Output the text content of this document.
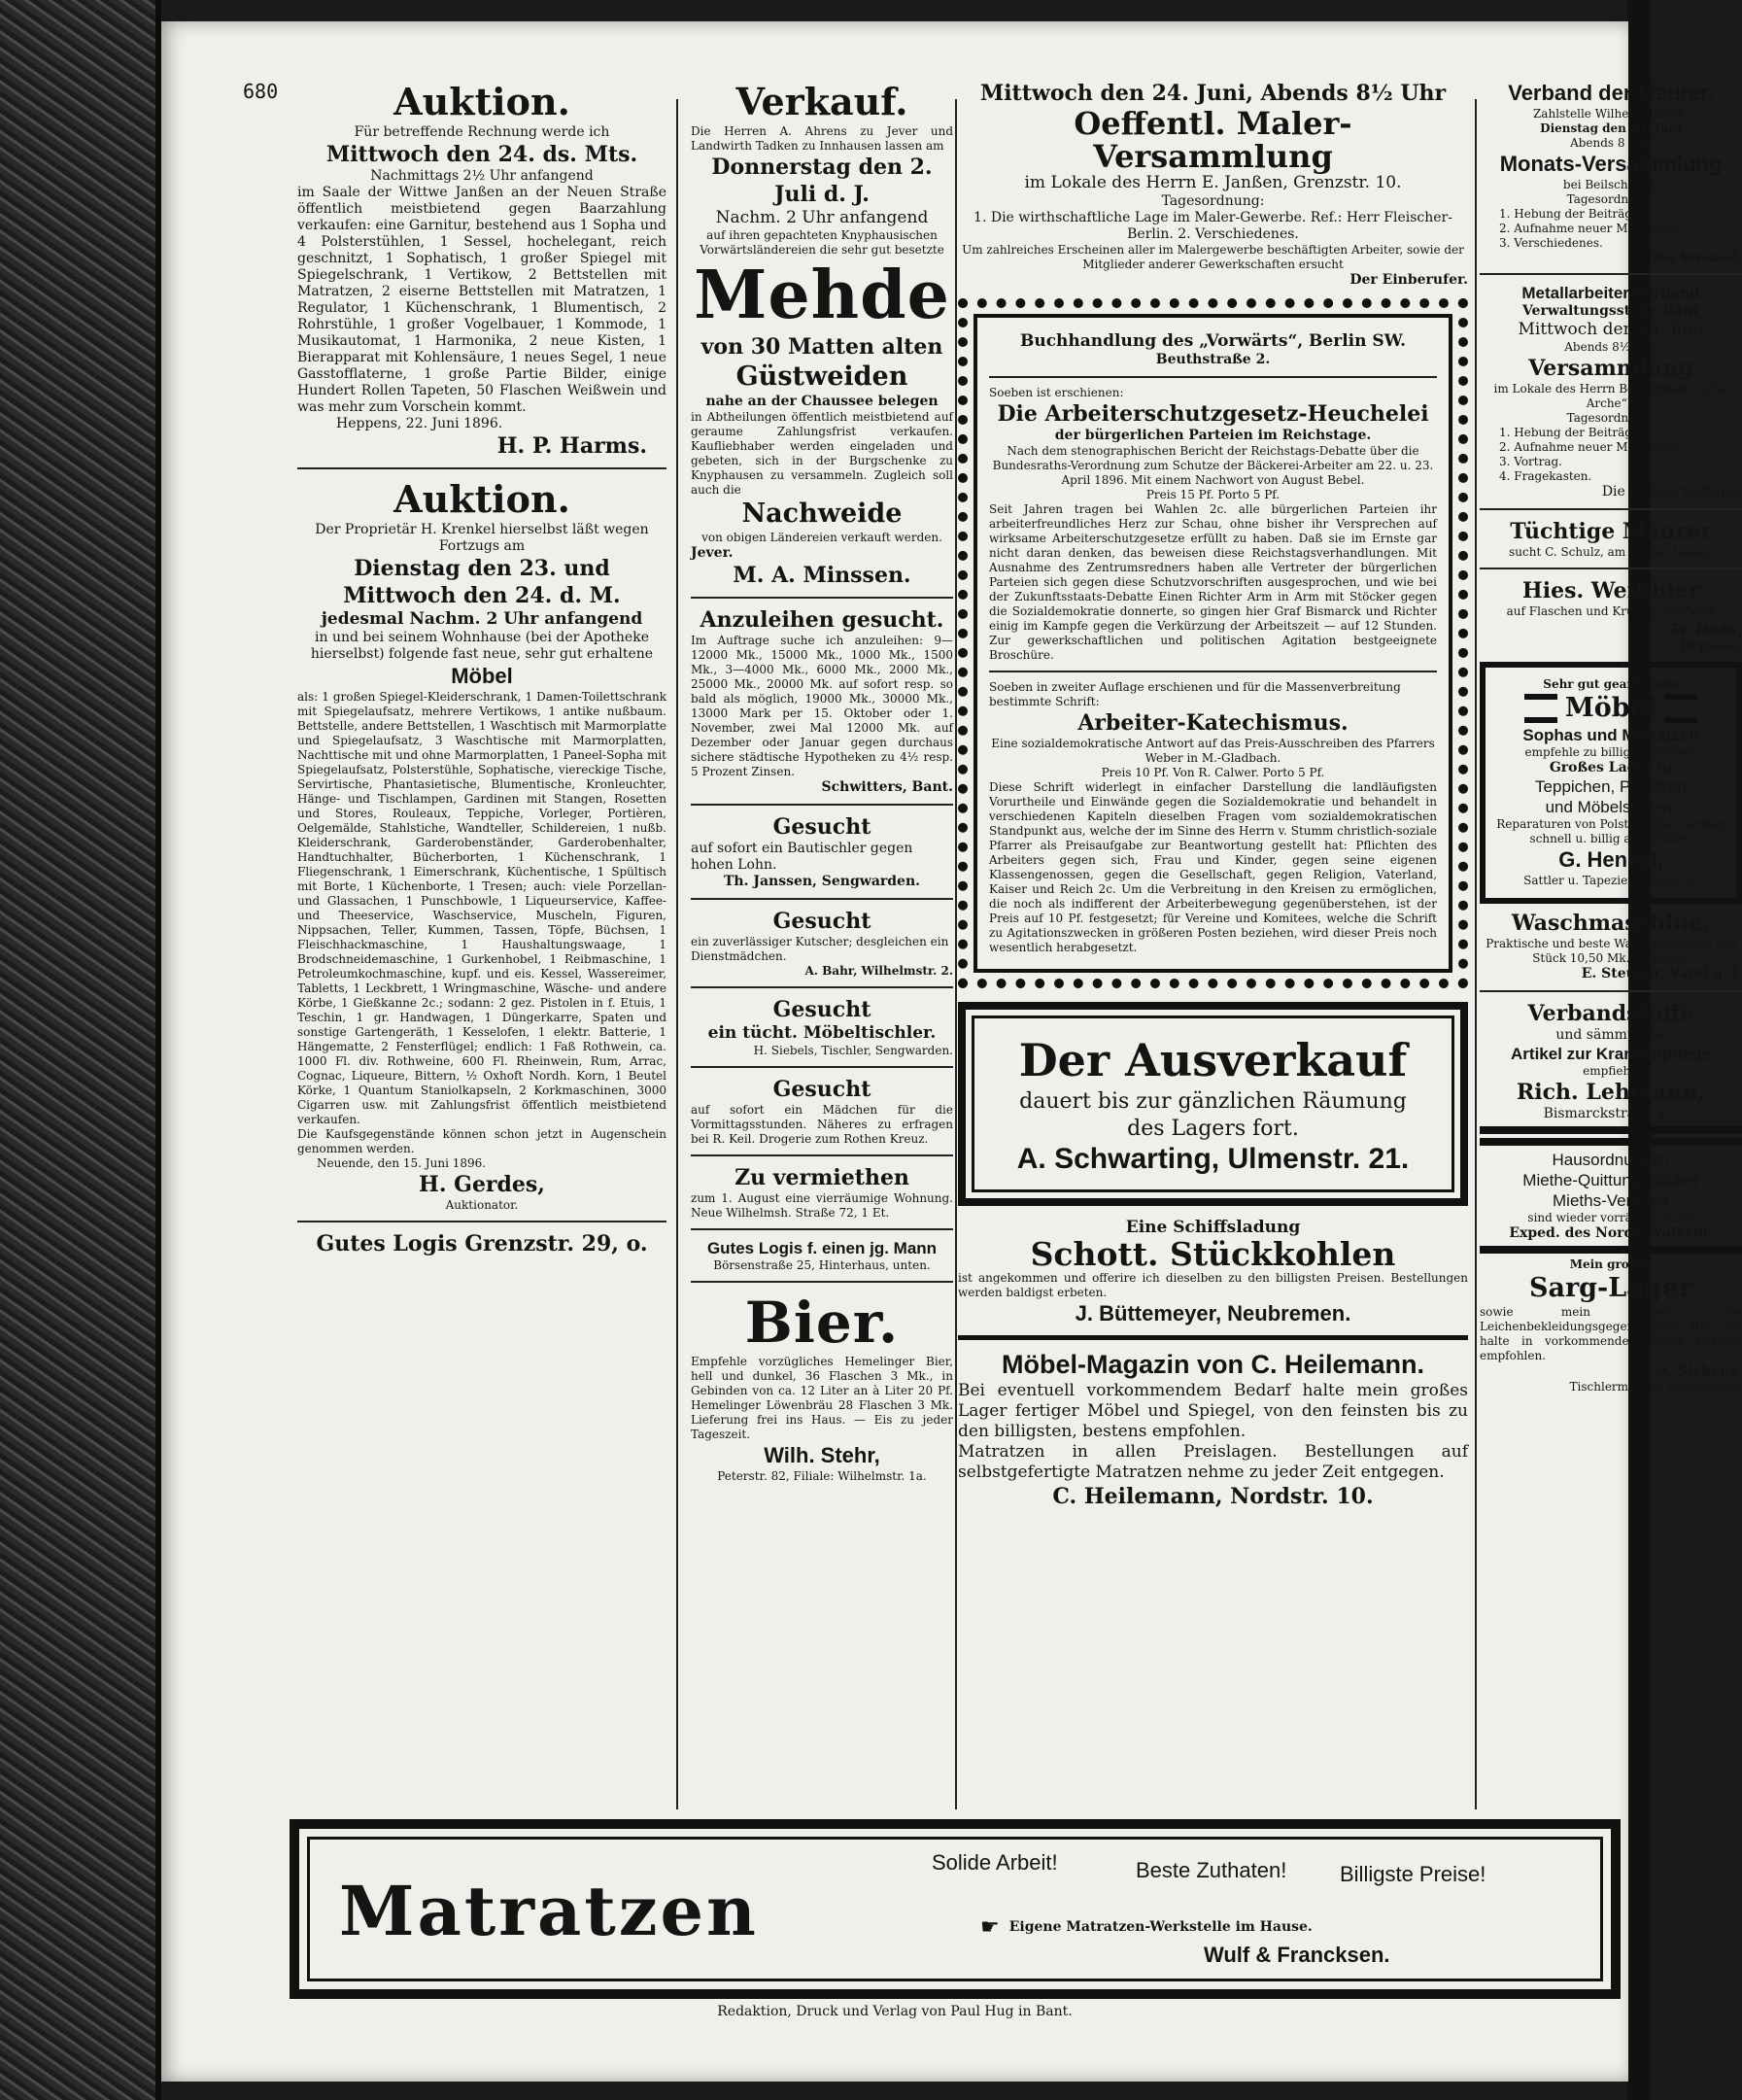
680	Auktion.
Für betreffende Rechnung werde ich
Mittwoch den 24. ds. Mts.
Nachmittags 2½ Uhr anfangend
im Saale der Wittwe Janßen an der Neuen Straße öffentlich meistbietend gegen Baarzahlung verkaufen: eine Garnitur, bestehend aus 1 Sopha und 4 Polsterstühlen, 1 Sessel, hochelegant, reich geschnitzt, 1 Sophatisch, 1 großer Spiegel mit Spiegelschrank, 1 Vertikow, 2 Bettstellen mit Matratzen, 2 eiserne Bettstellen mit Matratzen, 1 Regulator, 1 Küchenschrank, 1 Blumentisch, 2 Rohrstühle, 1 großer Vogelbauer, 1 Kommode, 1 Musikautomat, 1 Harmonika, 2 neue Kisten, 1 Bierapparat mit Kohlensäure, 1 neues Segel, 1 neue Gasstofflaterne, 1 große Partie Bilder, einige Hundert Rollen Tapeten, 50 Flaschen Weißwein und was mehr zum Vorschein kommt.
Heppens, 22. Juni 1896.
H. P. Harms.
Auktion.
Der Proprietär H. Krenkel hierselbst läßt wegen Fortzugs am
Dienstag den 23. und
Mittwoch den 24. d. M.
jedesmal Nachm. 2 Uhr anfangend
in und bei seinem Wohnhause (bei der Apotheke hierselbst) folgende fast neue, sehr gut erhaltene
Möbel
als: 1 großen Spiegel-Kleiderschrank, 1 Damen-Toilettschrank mit Spiegelaufsatz, mehrere Vertikows, 1 antike nußbaum. Bettstelle, andere Bettstellen, 1 Waschtisch mit Marmorplatte und Spiegelaufsatz, 3 Waschtische mit Marmorplatten, Nachttische mit und ohne Marmorplatten, 1 Paneel-Sopha mit Spiegelaufsatz, Polsterstühle, Sophatische, viereckige Tische, Servirtische, Phantasietische, Blumentische, Kronleuchter, Hänge- und Tischlampen, Gardinen mit Stangen, Rosetten und Stores, Rouleaux, Teppiche, Vorleger, Portièren, Oelgemälde, Stahlstiche, Wandteller, Schildereien, 1 nußb. Kleiderschrank, Garderobenständer, Garderobenhalter, Handtuchhalter, Bücherborten, 1 Küchenschrank, 1 Fliegenschrank, 1 Eimerschrank, Küchentische, 1 Spültisch mit Borte, 1 Küchenborte, 1 Tresen; auch: viele Porzellan- und Glassachen, 1 Punschbowle, 1 Liqueurservice, Kaffee- und Theeservice, Waschservice, Muscheln, Figuren, Nippsachen, Teller, Kummen, Tassen, Töpfe, Büchsen, 1 Fleischhackmaschine, 1 Haushaltungswaage, 1 Brodschneidemaschine, 1 Gurkenhobel, 1 Reibmaschine, 1 Petroleumkochmaschine, kupf. und eis. Kessel, Wassereimer, Tabletts, 1 Leckbrett, 1 Wringmaschine, Wäsche- und andere Körbe, 1 Gießkanne 2c.; sodann: 2 gez. Pistolen in f. Etuis, 1 Teschin, 1 gr. Handwagen, 1 Düngerkarre, Spaten und sonstige Gartengeräth, 1 Kesselofen, 1 elektr. Batterie, 1 Hängematte, 2 Fensterflügel; endlich: 1 Faß Rothwein, ca. 1000 Fl. div. Rothweine, 600 Fl. Rheinwein, Rum, Arrac, Cognac, Liqueure, Bittern, ½ Oxhoft Nordh. Korn, 1 Beutel Körke, 1 Quantum Staniolkapseln, 2 Korkmaschinen, 3000 Cigarren usw. mit Zahlungsfrist öffentlich meistbietend verkaufen.
Die Kaufsgegenstände können schon jetzt in Augenschein genommen werden.
Neuende, den 15. Juni 1896.
H. Gerdes,
Auktionator.
Gutes Logis Grenzstr. 29, o.
Verkauf.
Die Herren A. Ahrens zu Jever und Landwirth Tadken zu Innhausen lassen am
Donnerstag den 2. Juli d. J.
Nachm. 2 Uhr anfangend
auf ihren gepachteten Knyphausischen Vorwärtsländereien die sehr gut besetzte
Mehde
von 30 Matten alten
Güstweiden
nahe an der Chaussee belegen
in Abtheilungen öffentlich meistbietend auf geraume Zahlungsfrist verkaufen. Kaufliebhaber werden eingeladen und gebeten, sich in der Burgschenke zu Knyphausen zu versammeln. Zugleich soll auch die
Nachweide
von obigen Ländereien verkauft werden.
Jever.
M. A. Minssen.
Anzuleihen gesucht.
Im Auftrage suche ich anzuleihen: 9—12000 Mk., 15000 Mk., 1000 Mk., 1500 Mk., 3—4000 Mk., 6000 Mk., 2000 Mk., 25000 Mk., 20000 Mk. auf sofort resp. so bald als möglich, 19000 Mk., 30000 Mk., 13000 Mark per 15. Oktober oder 1. November, zwei Mal 12000 Mk. auf Dezember oder Januar gegen durchaus sichere städtische Hypotheken zu 4½ resp. 5 Prozent Zinsen.
Schwitters, Bant.
Gesucht
auf sofort ein Bautischler gegen hohen Lohn.
Th. Janssen, Sengwarden.
Gesucht
ein zuverlässiger Kutscher; desgleichen ein Dienstmädchen.
A. Bahr, Wilhelmstr. 2.
Gesucht
ein tücht. Möbeltischler.
H. Siebels, Tischler, Sengwarden.
Gesucht
auf sofort ein Mädchen für die Vormittagsstunden. Näheres zu erfragen bei R. Keil. Drogerie zum Rothen Kreuz.
Zu vermiethen
zum 1. August eine vierräumige Wohnung. Neue Wilhelmsh. Straße 72, 1 Et.
Gutes Logis f. einen jg. Mann
Börsenstraße 25, Hinterhaus, unten.
Bier.
Empfehle vorzügliches Hemelinger Bier, hell und dunkel, 36 Flaschen 3 Mk., in Gebinden von ca. 12 Liter an à Liter 20 Pf. Hemelinger Löwenbräu 28 Flaschen 3 Mk. Lieferung frei ins Haus. — Eis zu jeder Tageszeit.
Wilh. Stehr,
Peterstr. 82, Filiale: Wilhelmstr. 1a.
Mittwoch den 24. Juni, Abends 8½ Uhr
Oeffentl. Maler-Versammlung
im Lokale des Herrn E. Janßen, Grenzstr. 10.
Tagesordnung:
1. Die wirthschaftliche Lage im Maler-Gewerbe. Ref.: Herr Fleischer-Berlin. 2. Verschiedenes.
Um zahlreiches Erscheinen aller im Malergewerbe beschäftigten Arbeiter, sowie der Mitglieder anderer Gewerkschaften ersucht
Der Einberufer.
Buchhandlung des „Vorwärts“, Berlin SW.
Beuthstraße 2.
Soeben ist erschienen:
Die Arbeiterschutzgesetz-Heuchelei
der bürgerlichen Parteien im Reichstage.
Nach dem stenographischen Bericht der Reichstags-Debatte über die Bundesraths-Verordnung zum Schutze der Bäckerei-Arbeiter am 22. u. 23. April 1896. Mit einem Nachwort von August Bebel.
Preis 15 Pf. Porto 5 Pf.
Seit Jahren tragen bei Wahlen 2c. alle bürgerlichen Parteien ihr arbeiterfreundliches Herz zur Schau, ohne bisher ihr Versprechen auf wirksame Arbeiterschutzgesetze erfüllt zu haben. Daß sie im Ernste gar nicht daran denken, das beweisen diese Reichstagsverhandlungen. Mit Ausnahme des Zentrumsredners haben alle Vertreter der bürgerlichen Parteien sich gegen diese Schutzvorschriften ausgesprochen, und wie bei der Zukunftsstaats-Debatte Einen Richter Arm in Arm mit Stöcker gegen die Sozialdemokratie donnerte, so gingen hier Graf Bismarck und Richter einig im Kampfe gegen die Verkürzung der Arbeitszeit — auf 12 Stunden. Zur gewerkschaftlichen und politischen Agitation bestgeeignete Broschüre.
Soeben in zweiter Auflage erschienen und für die Massenverbreitung bestimmte Schrift:
Arbeiter-Katechismus.
Eine sozialdemokratische Antwort auf das Preis-Ausschreiben des Pfarrers Weber in M.-Gladbach.
Preis 10 Pf. Von R. Calwer. Porto 5 Pf.
Diese Schrift widerlegt in einfacher Darstellung die landläufigsten Vorurtheile und Einwände gegen die Sozialdemokratie und behandelt in verschiedenen Kapiteln dieselben Fragen vom sozialdemokratischen Standpunkt aus, welche der im Sinne des Herrn v. Stumm christlich-soziale Pfarrer als Preisaufgabe zur Beantwortung gestellt hat: Pflichten des Arbeiters gegen sich, Frau und Kinder, gegen seine eigenen Klassengenossen, gegen die Gesellschaft, gegen Religion, Vaterland, Kaiser und Reich 2c. Um die Verbreitung in den Kreisen zu ermöglichen, die noch als indifferent der Arbeiterbewegung gegenüberstehen, ist der Preis auf 10 Pf. festgesetzt; für Vereine und Komitees, welche die Schrift zu Agitationszwecken in größeren Posten beziehen, wird dieser Preis noch wesentlich herabgesetzt.
Der Ausverkauf
dauert bis zur gänzlichen Räumung
des Lagers fort.
A. Schwarting, Ulmenstr. 21.
Eine Schiffsladung
Schott. Stückkohlen
ist angekommen und offerire ich dieselben zu den billigsten Preisen. Bestellungen werden baldigst erbeten.
J. Büttemeyer, Neubremen.
Möbel-Magazin von C. Heilemann.
Bei eventuell vorkommendem Bedarf halte mein großes Lager fertiger Möbel und Spiegel, von den feinsten bis zu den billigsten, bestens empfohlen.
Matratzen in allen Preislagen. Bestellungen auf selbstgefertigte Matratzen nehme zu jeder Zeit entgegen.
C. Heilemann, Nordstr. 10.
Verband der Maurer.
Zahlstelle Wilhelmshaven.
Dienstag den 23. Juni
Abends 8 Uhr
Monats-Versammlung
bei Beilschmidt.
Tagesordnung:
1. Hebung der Beiträge.
2. Aufnahme neuer Mitglieder.
3. Verschiedenes.
Der Vorstand.
Metallarbeiter-Verband
Verwaltungsstelle Bant
Mittwoch den 24. Juni
Abends 8½ Uhr
Versammlung
im Lokale des Herrn Beilschmidt, („Zur Arche“).
Tagesordnung:
1. Hebung der Beiträge.
2. Aufnahme neuer Mitglieder.
3. Vortrag.
4. Fragekasten.
Die Ortsverwaltung.
Tüchtige Maurer
sucht C. Schulz, am Banter Hafen.
Hies. Weißbier
auf Flaschen und Kruken empfiehlt
Fr. Maës,
Heppens.
Sehr gut gearbeitete
Möbel
Sophas und Matratzen
empfehle zu billigen Preisen.
Großes Lager in
Teppichen, Portièren
und Möbelstoffen.
Reparaturen von Polstermöbel werden schnell u. billig ausgeführt.
G. Henkel,
Sattler u. Tapezier, Wallstr. 4.
Waschmaschine.
Praktische und beste Waschmaschine, das Stück 10,50 Mk. empfiehlt
E. Steuder, Varel a. J.
Verbandstoffe
und sämmtliche
Artikel zur Krankenpflege
empfiehlt
Rich. Lehmann,
Bismarckstraße 15.
Hausordnungen
Miethe-Quittungsbücher
Mieths-Verträge
sind wieder vorräthig in der
Exped. des Nordd. Volksbl.
Mein großes
Sarg-Lager
sowie mein Lager von Leichenbekleidungsgegenständen aller Art halte in vorkommenden Fällen bestens empfohlen.
A. Siebens,
Tischlermeister, Neubremen.
Matratzen
Solide Arbeit!	Beste Zuthaten! Billigste Preise!
☛ Eigene Matratzen-Werkstelle im Hause.
Wulf & Francksen.
Redaktion, Druck und Verlag von Paul Hug in Bant.
